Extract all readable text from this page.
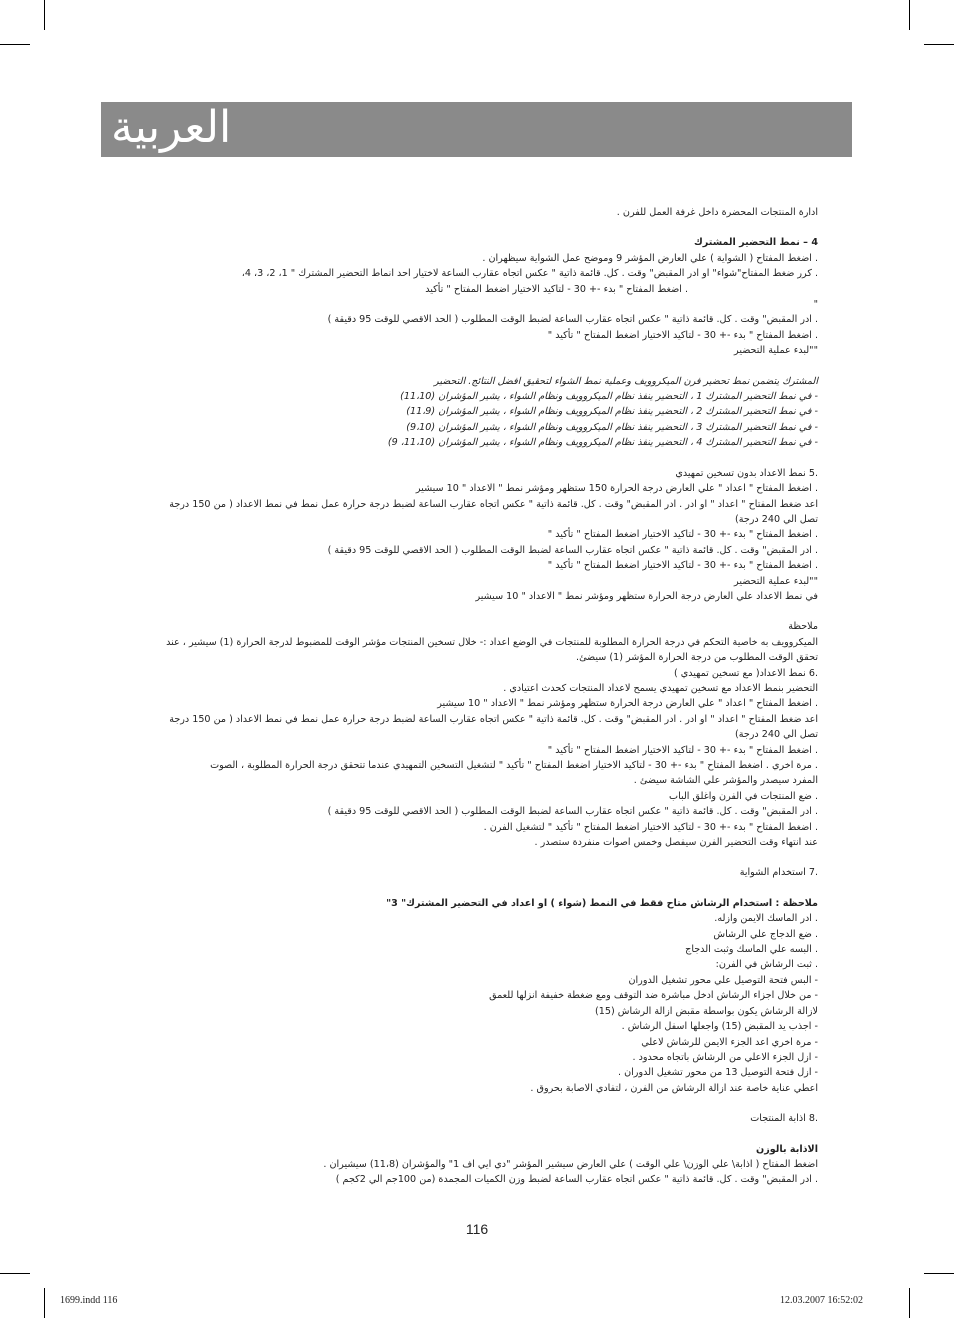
العربية

ادارة المنتجات المحضرة داخل غرفة العمل للفرن .

4 – نمط التحضير المشترك

. اضغط المفتاح ( الشواية ) علي العارض المؤشر 9 وموضح عمل الشواية سيظهران .

. كرر ضغط المفتاح"شواء" او ادر المقبض" وقت . كل. قائمة ذاتية " عكس اتجاه عقارب الساعة لاختيار احد انماط التحضير المشترك " 1، 2، 3، 4،

. اضغط المفتاح " بدء -+ 30 - لتاكيد الاختيار اضغط المفتاح " تأكيد

"

. ادر المقبض" وقت . كل. قائمة ذاتية " عكس اتجاه عقارب الساعة لضبط الوقت المطلوب ( الحد الاقصي للوقت 95 دقيقة )

. اضغط المفتاح " بدء -+ 30 - لتاكيد الاختيار اضغط المفتاح " تأكيد "

""لبدء عملية التحضير

المشترك يتضمن نمط تحضير فرن الميكروويف وعملية نمط الشواء لتحقيق افضل النتائج. التحضير

- في نمط التحضير المشترك 1 ، التحضير ينفذ نظام الميكروويف ونظام الشواء ، يشير المؤشران (11،10)

- في نمط التحضير المشترك 2 ، التحضير ينفذ نظام الميكروويف ونظام الشواء ، يشير المؤشران (11،9)

- في نمط التحضير المشترك 3 ، التحضير ينفذ نظام الميكروويف ونظام الشواء ، يشير المؤشران (9،10)

- في نمط التحضير المشترك 4 ، التحضير ينفذ نظام الميكروويف ونظام الشواء ، يشير المؤشران (11،10، 9)

.5 نمط الاعداد بدون تسخين تمهيدي

. اضغط المفتاح " اعداد " علي العارض درجة الحرارة 150 ستظهر ومؤشر نمط " الاعداد " 10 سيشير

اعد ضغط المفتاح " اعداد " او ادر . ادر المقبض" وقت . كل. قائمة ذاتية " عكس اتجاه عقارب الساعة لضبط درجة حرارة عمل نمط في نمط الاعداد ( من 150 درجة

تصل الي 240 درجة)

. اضغط المفتاح " بدء -+ 30 - لتاكيد الاختيار اضغط المفتاح " تأكيد "

. ادر المقبض" وقت . كل. قائمة ذاتية " عكس اتجاه عقارب الساعة لضبط الوقت المطلوب ( الحد الاقصي للوقت 95 دقيقة )

. اضغط المفتاح " بدء -+ 30 - لتاكيد الاختيار اضغط المفتاح " تأكيد "

""لبدء عملية التحضير

في نمط الاعداد علي العارض درجة الحرارة ستظهر ومؤشر نمط " الاعداد " 10 سيشير

ملاحظة

الميكروويف به خاصية التحكم في درجة الحرارة المطلوبة للمنتجات في الوضع اعداد :- خلال تسخين المنتجات مؤشر الوقت للمضبوط لدرجة الحرارة (1) سيشير ، عند

تحقق الوقت المطلوب من درجة الحرارة المؤشر (1) سيضئ.

.6 نمط الاعداد( مع تسخين تمهيدي )

التحضير بنمط الاعداد مع تسخين تمهيدي يسمح لاعداد المنتجات كحدث اعتيادي .

. اضغط المفتاح " اعداد " علي العارض درجة الحرارة ستظهر ومؤشر نمط " الاعداد " 10 سيشير

اعد ضغط المفتاح " اعداد " او ادر . ادر المقبض" وقت . كل. قائمة ذاتية " عكس اتجاه عقارب الساعة لضبط درجة حرارة عمل نمط في نمط الاعداد ( من 150 درجة

تصل الي 240 درجة)

. اضغط المفتاح " بدء -+ 30 - لتاكيد الاختيار اضغط المفتاح " تأكيد "

. مرة اخري . اضغط المفتاح " بدء -+ 30 - لتاكيد الاختيار اضغط المفتاح " تأكيد " لتشغيل التسخين التمهيدي عندما تتحقق درجة الحرارة المطلوبة ، الصوت

المفرد سيصدر والمؤشر علي الشاشة سيضئ .

. ضع المنتجات في الفرن واغلق الباب

. ادر المقبض" وقت . كل. قائمة ذاتية " عكس اتجاه عقارب الساعة لضبط الوقت المطلوب ( الحد الاقصي للوقت 95 دقيقة )

. اضغط المفتاح " بدء -+ 30 - لتاكيد الاختيار اضغط المفتاح " تأكيد " لتشغيل الفرن .

عند انتهاء وقت التحضير الفرن سيفصل وخمس اصوات منفردة ستصدر .

.7 استخدام الشواية

ملاحظة : استخدام الرشاش متاح فقط في النمط (شواء ) او اعداد في التحضير المشترك" 3"

. ادر الماسك الايمن وازله.

. ضع الدجاج علي الرشاش

. البسه علي الماسك وثبت الدجاج

. ثبت الرشاش في الفرن:

- البس فتحة التوصيل علي محور تشغيل الدوران

- من خلال اجزاء الرشاش ادخل مباشرة ضد التوقف ومع ضغطة خفيفة انزلها للعمق

لازالة الرشاش يكون بواسطة مقبض ازالة الرشاش (15)

- اجذب يد المقبض (15) واجعلها اسفل الرشاش .

- مرة اخري اعد الجزء الايمن للرشاش لاعلي

- ازل الجزء الاعلي من الرشاش باتجاه محدود .

- ازل فتحة التوصيل 13 من محور تشغيل الدوران .

اعطي عناية خاصة عند ازالة الرشاش من الفرن ، لتفادي الاصابة بحروق .

.8 اذابة المنتجات

الاذابة بالوزن

اضغط المفتاح ( اذابة\ علي الوزن\ علي الوقت ) علي العارض سيشير المؤشر "دي ايي اف 1" والمؤشران (11،8) سيشيران .

. ادر المقبض" وقت . كل. قائمة ذاتية " عكس اتجاه عقارب الساعة لضبط وزن الكميات المجمدة (من 100جم الي 2كجم )

116
1699.indd 116	12.03.2007 16:52:02
